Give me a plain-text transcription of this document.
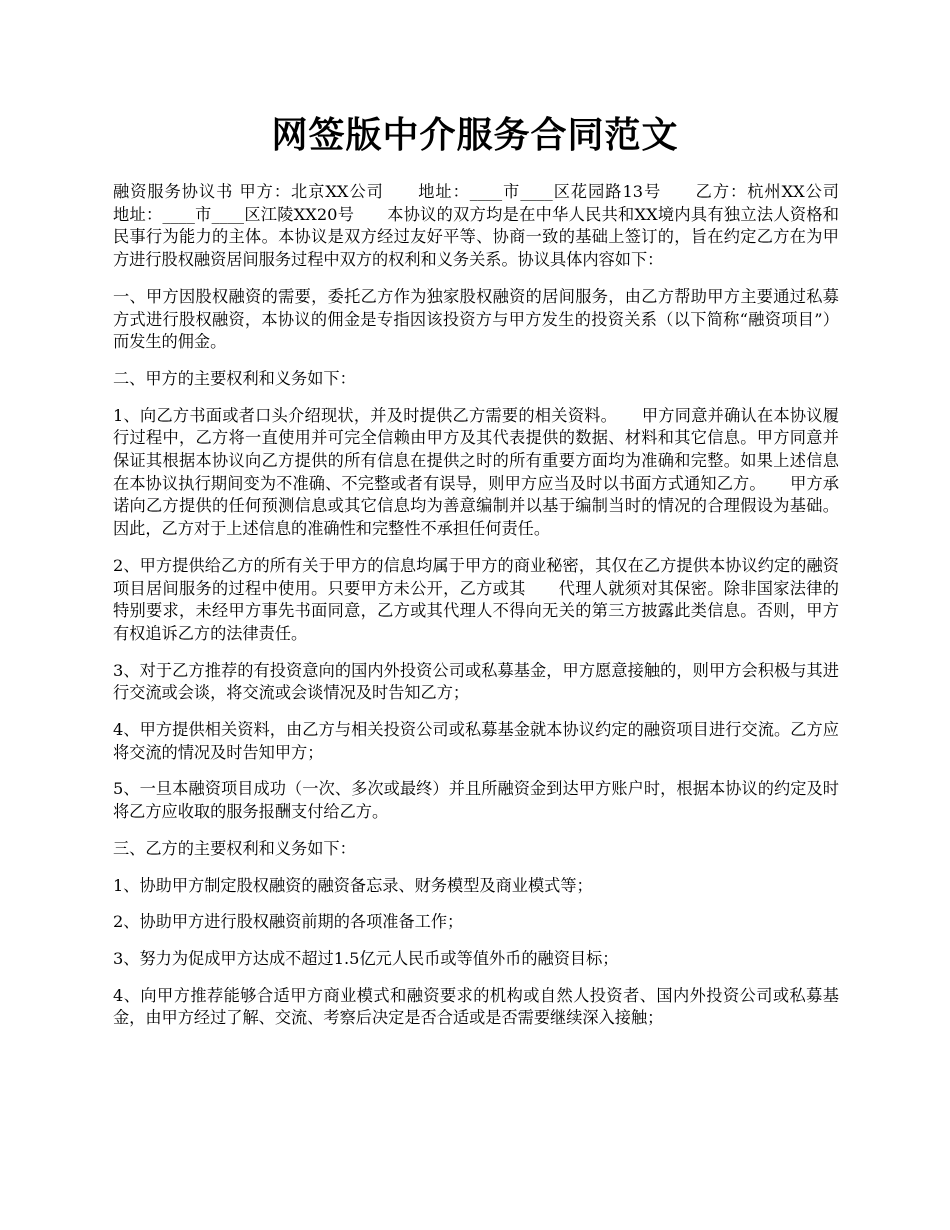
网签版中介服务合同范文

融资服务协议书 甲方：北京XX公司　　地址：____市____区花园路13号　　乙方：杭州XX公司　　地址：____市____区江陵XX20号　　本协议的双方均是在中华人民共和XX境内具有独立法人资格和民事行为能力的主体。本协议是双方经过友好平等、协商一致的基础上签订的，旨在约定乙方在为甲方进行股权融资居间服务过程中双方的权利和义务关系。协议具体内容如下：

一、甲方因股权融资的需要，委托乙方作为独家股权融资的居间服务，由乙方帮助甲方主要通过私募方式进行股权融资，本协议的佣金是专指因该投资方与甲方发生的投资关系（以下简称“融资项目”）而发生的佣金。

二、甲方的主要权利和义务如下：

1、向乙方书面或者口头介绍现状，并及时提供乙方需要的相关资料。　　甲方同意并确认在本协议履行过程中，乙方将一直使用并可完全信赖由甲方及其代表提供的数据、材料和其它信息。甲方同意并保证其根据本协议向乙方提供的所有信息在提供之时的所有重要方面均为准确和完整。如果上述信息在本协议执行期间变为不准确、不完整或者有误导，则甲方应当及时以书面方式通知乙方。　　甲方承诺向乙方提供的任何预测信息或其它信息均为善意编制并以基于编制当时的情况的合理假设为基础。因此，乙方对于上述信息的准确性和完整性不承担任何责任。

2、甲方提供给乙方的所有关于甲方的信息均属于甲方的商业秘密，其仅在乙方提供本协议约定的融资项目居间服务的过程中使用。只要甲方未公开，乙方或其　　代理人就须对其保密。除非国家法律的特别要求，未经甲方事先书面同意，乙方或其代理人不得向无关的第三方披露此类信息。否则，甲方有权追诉乙方的法律责任。

3、对于乙方推荐的有投资意向的国内外投资公司或私募基金，甲方愿意接触的，则甲方会积极与其进行交流或会谈，将交流或会谈情况及时告知乙方；

4、甲方提供相关资料，由乙方与相关投资公司或私募基金就本协议约定的融资项目进行交流。乙方应将交流的情况及时告知甲方；

5、一旦本融资项目成功（一次、多次或最终）并且所融资金到达甲方账户时，根据本协议的约定及时将乙方应收取的服务报酬支付给乙方。

三、乙方的主要权利和义务如下：

1、协助甲方制定股权融资的融资备忘录、财务模型及商业模式等；

2、协助甲方进行股权融资前期的各项准备工作；

3、努力为促成甲方达成不超过1.5亿元人民币或等值外币的融资目标；

4、向甲方推荐能够合适甲方商业模式和融资要求的机构或自然人投资者、国内外投资公司或私募基金，由甲方经过了解、交流、考察后决定是否合适或是否需要继续深入接触；
